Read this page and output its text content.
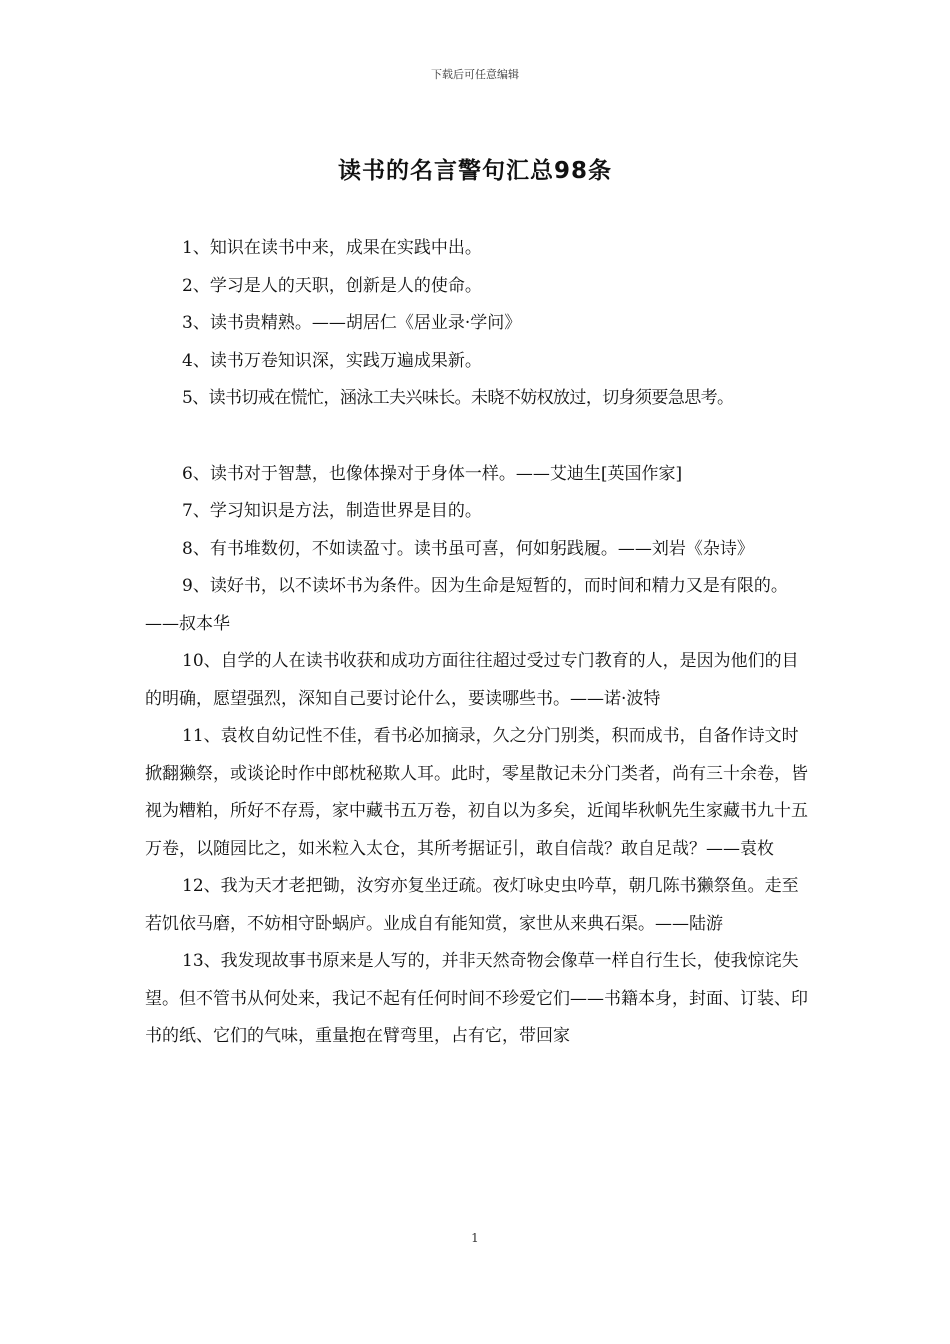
下载后可任意编辑
读书的名言警句汇总98条

1、知识在读书中来，成果在实践中出。

2、学习是人的天职，创新是人的使命。

3、读书贵精熟。——胡居仁《居业录·学问》

4、读书万卷知识深，实践万遍成果新。

5、读书切戒在慌忙，涵泳工夫兴味长。未晓不妨权放过，切身须要急思考。

6、读书对于智慧，也像体操对于身体一样。——艾迪生[英国作家]

7、学习知识是方法，制造世界是目的。

8、有书堆数仞，不如读盈寸。读书虽可喜，何如躬践履。——刘岩《杂诗》

9、读好书，以不读坏书为条件。因为生命是短暂的，而时间和精力又是有限的。——叔本华

10、自学的人在读书收获和成功方面往往超过受过专门教育的人，是因为他们的目的明确，愿望强烈，深知自己要讨论什么，要读哪些书。——诺·波特

11、袁枚自幼记性不佳，看书必加摘录，久之分门别类，积而成书，自备作诗文时掀翻獭祭，或谈论时作中郎枕秘欺人耳。此时，零星散记未分门类者，尚有三十余卷，皆视为糟粕，所好不存焉，家中藏书五万卷，初自以为多矣，近闻毕秋帆先生家藏书九十五万卷，以随园比之，如米粒入太仓，其所考据证引，敢自信哉？敢自足哉？——袁枚

12、我为天才老把锄，汝穷亦复坐迂疏。夜灯咏史虫吟草，朝几陈书獭祭鱼。走至若饥依马磨，不妨相守卧蜗庐。业成自有能知赏，家世从来典石渠。——陆游

13、我发现故事书原来是人写的，并非天然奇物会像草一样自行生长，使我惊诧失望。但不管书从何处来，我记不起有任何时间不珍爱它们——书籍本身，封面、订装、印书的纸、它们的气味，重量抱在臂弯里，占有它，带回家

1
